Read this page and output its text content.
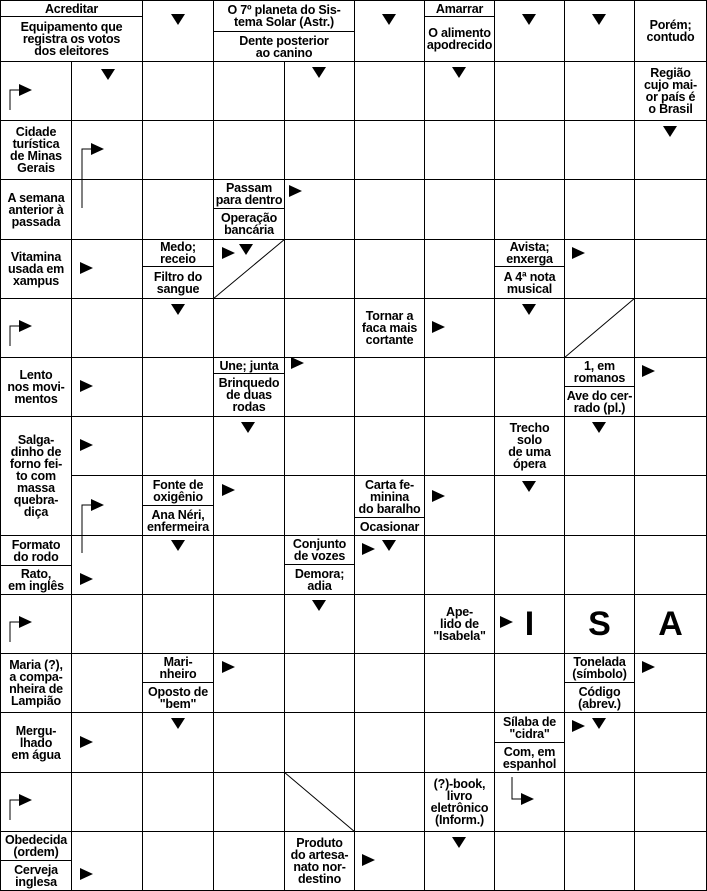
Acreditar
Equipamento que
registra os votos
dos eleitores
O 7º planeta do Sis-
tema Solar (Astr.)
Dente posterior
ao canino
Amarrar
O alimento
apodrecido
Porém;
contudo
Região
cujo mai-
or país é
o Brasil
Cidade
turística
de Minas
Gerais
A semana
anterior à
passada
Passam
para dentro
Operação
bancária
Vitamina
usada em
xampus
Medo;
receio
Filtro do
sangue
Avista;
enxerga
A 4ª nota
musical
Tornar a
faca mais
cortante
Lento
nos movi-
mentos
Une; junta
Brinquedo
de duas
rodas
1, em
romanos
Ave do cer-
rado (pl.)
Salga-
dinho de
forno fei-
to com
massa
quebra-
diça
Trecho
solo
de uma
ópera
Fonte de
oxigênio
Ana Néri,
enfermeira
Carta fe-
minina
do baralho
Ocasionar
Formato
do rodo
Conjunto
de vozes
Demora;
adia
Rato,
em inglês
Ape-
lido de
"Isabela"
Maria (?),
a compa-
nheira de
Lampião
Mari-
nheiro
Oposto de
"bem"
Tonelada
(símbolo)
Código
(abrev.)
Mergu-
lhado
em água
Sílaba de
"cidra"
Com, em
espanhol
(?)-book,
livro
eletrônico
(Inform.)
Obedecida
(ordem)
Cerveja
inglesa
Produto
do artesa-
nato nor-
destino
I	S	A
